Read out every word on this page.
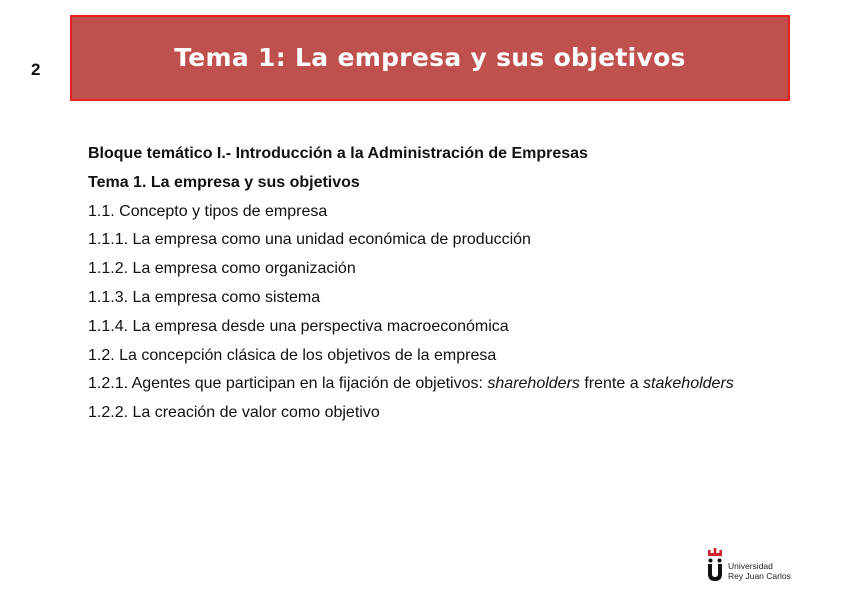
2	Tema 1: La empresa y sus objetivos
Bloque temático I.- Introducción a la Administración de Empresas
Tema 1. La empresa y sus objetivos
1.1. Concepto y tipos de empresa
1.1.1. La empresa como una unidad económica de producción
1.1.2. La empresa como organización
1.1.3. La empresa como sistema
1.1.4. La empresa desde una perspectiva macroeconómica
1.2. La concepción clásica de los objetivos de la empresa
1.2.1. Agentes que participan en la fijación de objetivos: shareholders frente a stakeholders
1.2.2. La creación de valor como objetivo
Universidad
Rey Juan Carlos
